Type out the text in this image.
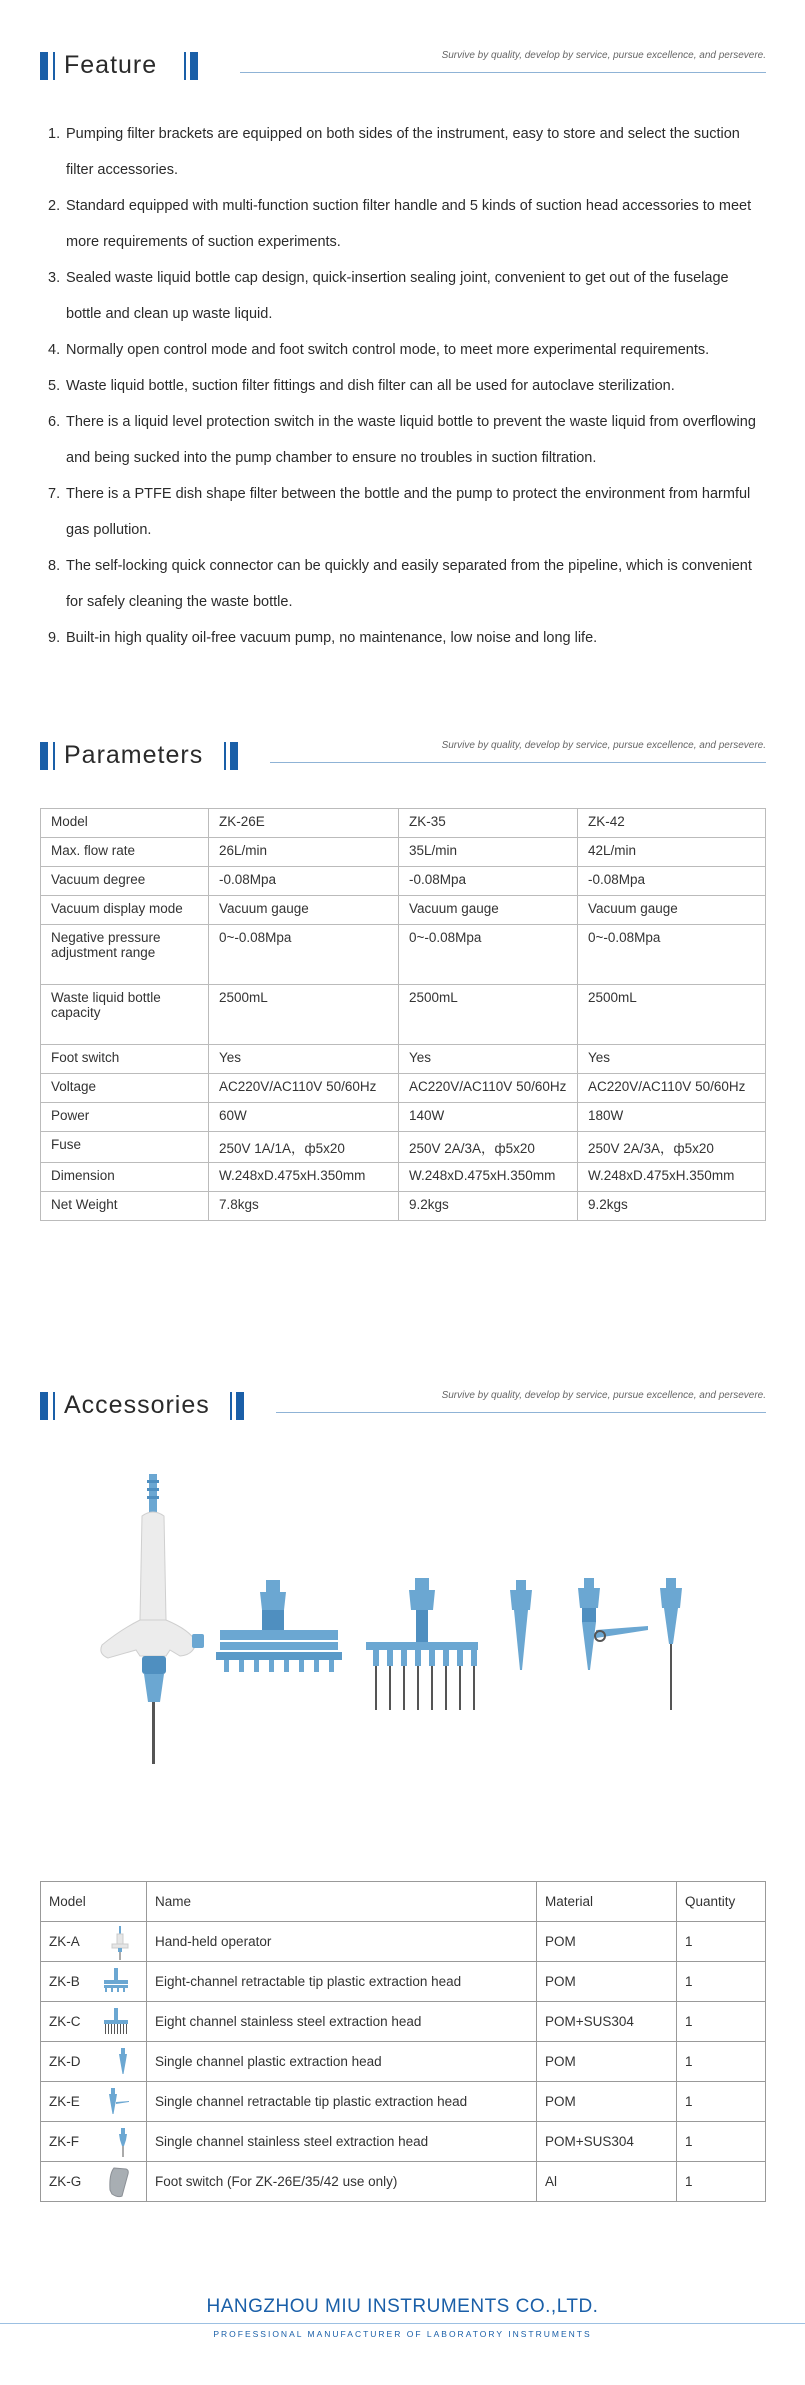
Feature	Survive by quality, develop by service, pursue excellence, and persevere.
1. Pumping filter brackets are equipped on both sides of the instrument, easy to store and select the suction filter accessories.
2. Standard equipped with multi-function suction filter handle and 5 kinds of suction head accessories to meet more requirements of suction experiments.
3. Sealed waste liquid bottle cap design, quick-insertion sealing joint, convenient to get out of the fuselage bottle and clean up waste liquid.
4. Normally open control mode and foot switch control mode, to meet more experimental requirements.
5. Waste liquid bottle, suction filter fittings and dish filter can all be used for autoclave sterilization.
6. There is a liquid level protection switch in the waste liquid bottle to prevent the waste liquid from overflowing and being sucked into the pump chamber to ensure no troubles in suction filtration.
7. There is a PTFE dish shape filter between the bottle and the pump to protect the environment from harmful gas pollution.
8. The self-locking quick connector can be quickly and easily separated from the pipeline, which is convenient for safely cleaning the waste bottle.
9. Built-in high quality oil-free vacuum pump, no maintenance, low noise and long life.
Parameters	Survive by quality, develop by service, pursue excellence, and persevere.
Model	ZK-26E	ZK-35	ZK-42
Max. flow rate	26L/min	35L/min	42L/min
Vacuum degree	-0.08Mpa	-0.08Mpa	-0.08Mpa
Vacuum display mode	Vacuum gauge	Vacuum gauge	Vacuum gauge
Negative pressure adjustment range	0~-0.08Mpa	0~-0.08Mpa	0~-0.08Mpa
Waste liquid bottle capacity	2500mL	2500mL	2500mL
Foot switch	Yes	Yes	Yes
Voltage	AC220V/AC110V 50/60Hz	AC220V/AC110V 50/60Hz	AC220V/AC110V 50/60Hz
Power	60W	140W	180W
Fuse	250V 1A/1A，ф5x20	250V 2A/3A，ф5x20	250V 2A/3A，ф5x20
Dimension	W.248xD.475xH.350mm	W.248xD.475xH.350mm	W.248xD.475xH.350mm
Net Weight	7.8kgs	9.2kgs	9.2kgs
Accessories	Survive by quality, develop by service, pursue excellence, and persevere.
Model	Name	Material	Quantity
ZK-A	Hand-held operator	POM	1
ZK-B	Eight-channel retractable tip plastic extraction head	POM	1
ZK-C	Eight channel stainless steel extraction head	POM+SUS304	1
ZK-D	Single channel plastic extraction head	POM	1
ZK-E	Single channel retractable tip plastic extraction head	POM	1
ZK-F	Single channel stainless steel extraction head	POM+SUS304	1
ZK-G	Foot switch (For ZK-26E/35/42 use only)	Al	1
HANGZHOU MIU INSTRUMENTS CO.,LTD.
PROFESSIONAL MANUFACTURER OF LABORATORY INSTRUMENTS
